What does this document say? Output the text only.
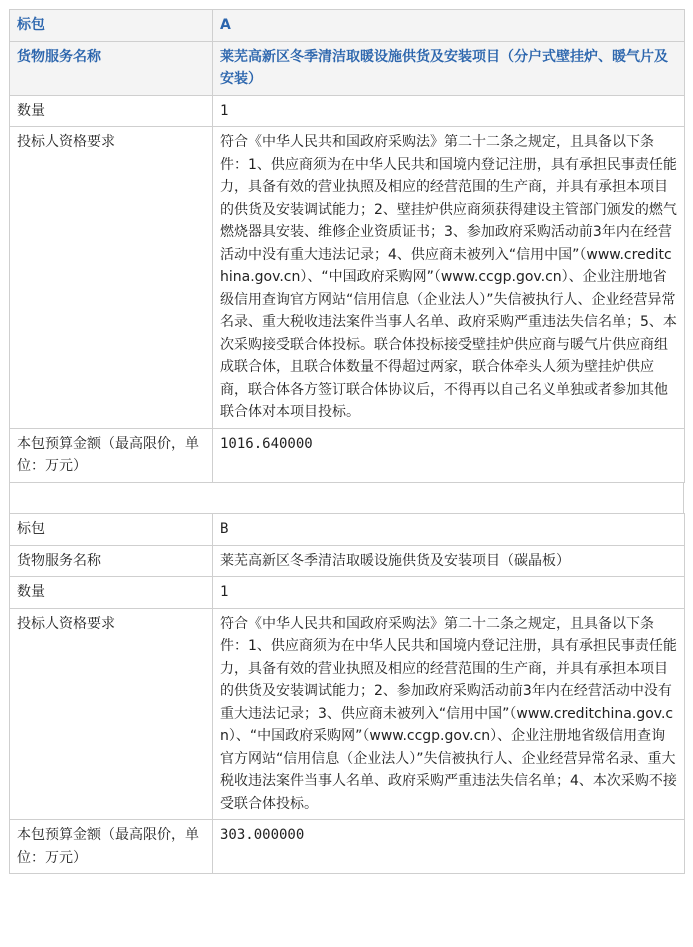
标包	A
货物服务名称	莱芜高新区冬季清洁取暖设施供货及安装项目（分户式壁挂炉、暖气片及安装）
数量	1
投标人资格要求	符合《中华人民共和国政府采购法》第二十二条之规定，且具备以下条件：1、供应商须为在中华人民共和国境内登记注册，具有承担民事责任能力，具备有效的营业执照及相应的经营范围的生产商，并具有承担本项目的供货及安装调试能力；2、壁挂炉供应商须获得建设主管部门颁发的燃气燃烧器具安装、维修企业资质证书；3、参加政府采购活动前3年内在经营活动中没有重大违法记录；4、供应商未被列入“信用中国”（www.creditchina.gov.cn）、“中国政府采购网”（www.ccgp.gov.cn）、企业注册地省级信用查询官方网站“信用信息（企业法人）”失信被执行人、企业经营异常名录、重大税收违法案件当事人名单、政府采购严重违法失信名单；5、本次采购接受联合体投标。联合体投标接受壁挂炉供应商与暖气片供应商组成联合体，且联合体数量不得超过两家，联合体牵头人须为壁挂炉供应商，联合体各方签订联合体协议后，不得再以自己名义单独或者参加其他联合体对本项目投标。
本包预算金额（最高限价，单位：万元）	1016.640000
标包	B
货物服务名称	莱芜高新区冬季清洁取暖设施供货及安装项目（碳晶板）
数量	1
投标人资格要求	符合《中华人民共和国政府采购法》第二十二条之规定，且具备以下条件：1、供应商须为在中华人民共和国境内登记注册，具有承担民事责任能力，具备有效的营业执照及相应的经营范围的生产商，并具有承担本项目的供货及安装调试能力；2、参加政府采购活动前3年内在经营活动中没有重大违法记录；3、供应商未被列入“信用中国”（www.creditchina.gov.cn）、“中国政府采购网”（www.ccgp.gov.cn）、企业注册地省级信用查询官方网站“信用信息（企业法人）”失信被执行人、企业经营异常名录、重大税收违法案件当事人名单、政府采购严重违法失信名单；4、本次采购不接受联合体投标。
本包预算金额（最高限价，单位：万元）	303.000000
